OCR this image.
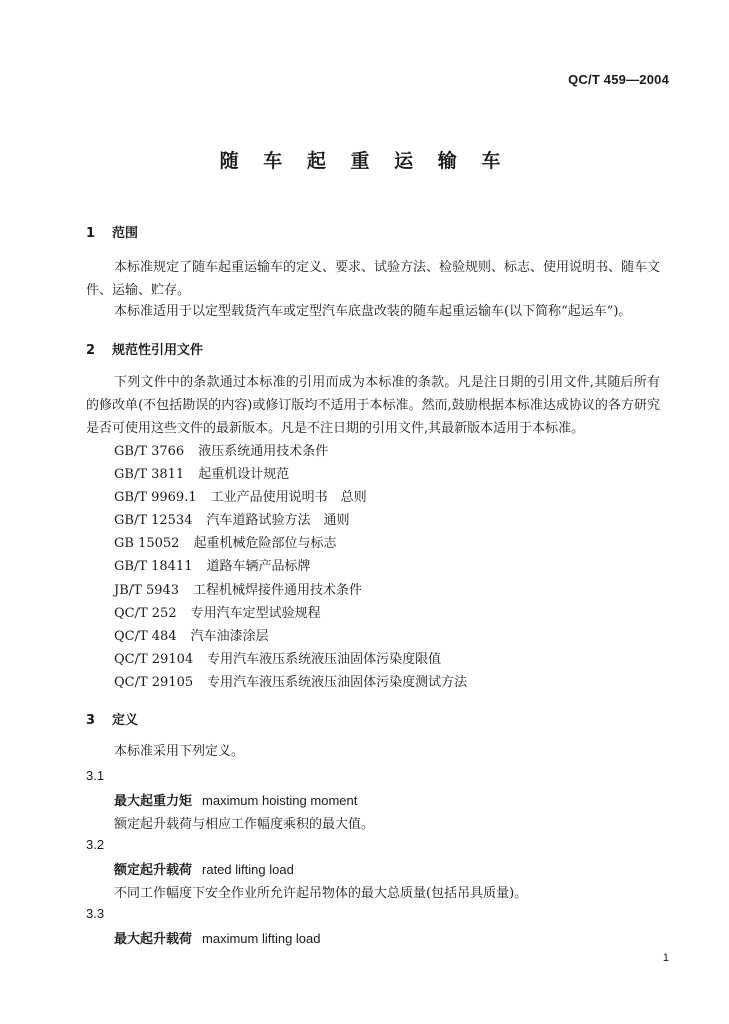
QC/T 459—2004
随 车 起 重 运 输 车
1 范围
本标准规定了随车起重运输车的定义、要求、试验方法、检验规则、标志、使用说明书、随车文件、运输、贮存。
本标准适用于以定型载货汽车或定型汽车底盘改装的随车起重运输车(以下简称“起运车”)。
2 规范性引用文件
下列文件中的条款通过本标准的引用而成为本标准的条款。凡是注日期的引用文件,其随后所有的修改单(不包括勘误的内容)或修订版均不适用于本标准。然而,鼓励根据本标准达成协议的各方研究是否可使用这些文件的最新版本。凡是不注日期的引用文件,其最新版本适用于本标准。
GB/T 3766 液压系统通用技术条件
GB/T 3811 起重机设计规范
GB/T 9969.1 工业产品使用说明书　总则
GB/T 12534 汽车道路试验方法　通则
GB 15052 起重机械危险部位与标志
GB/T 18411 道路车辆产品标牌
JB/T 5943 工程机械焊接件通用技术条件
QC/T 252 专用汽车定型试验规程
QC/T 484 汽车油漆涂层
QC/T 29104 专用汽车液压系统液压油固体污染度限值
QC/T 29105 专用汽车液压系统液压油固体污染度测试方法
3 定义
本标准采用下列定义。
3.1
最大起重力矩 maximum hoisting moment
额定起升载荷与相应工作幅度乘积的最大值。
3.2
额定起升载荷 rated lifting load
不同工作幅度下安全作业所允许起吊物体的最大总质量(包括吊具质量)。
3.3
最大起升载荷 maximum lifting load
1
